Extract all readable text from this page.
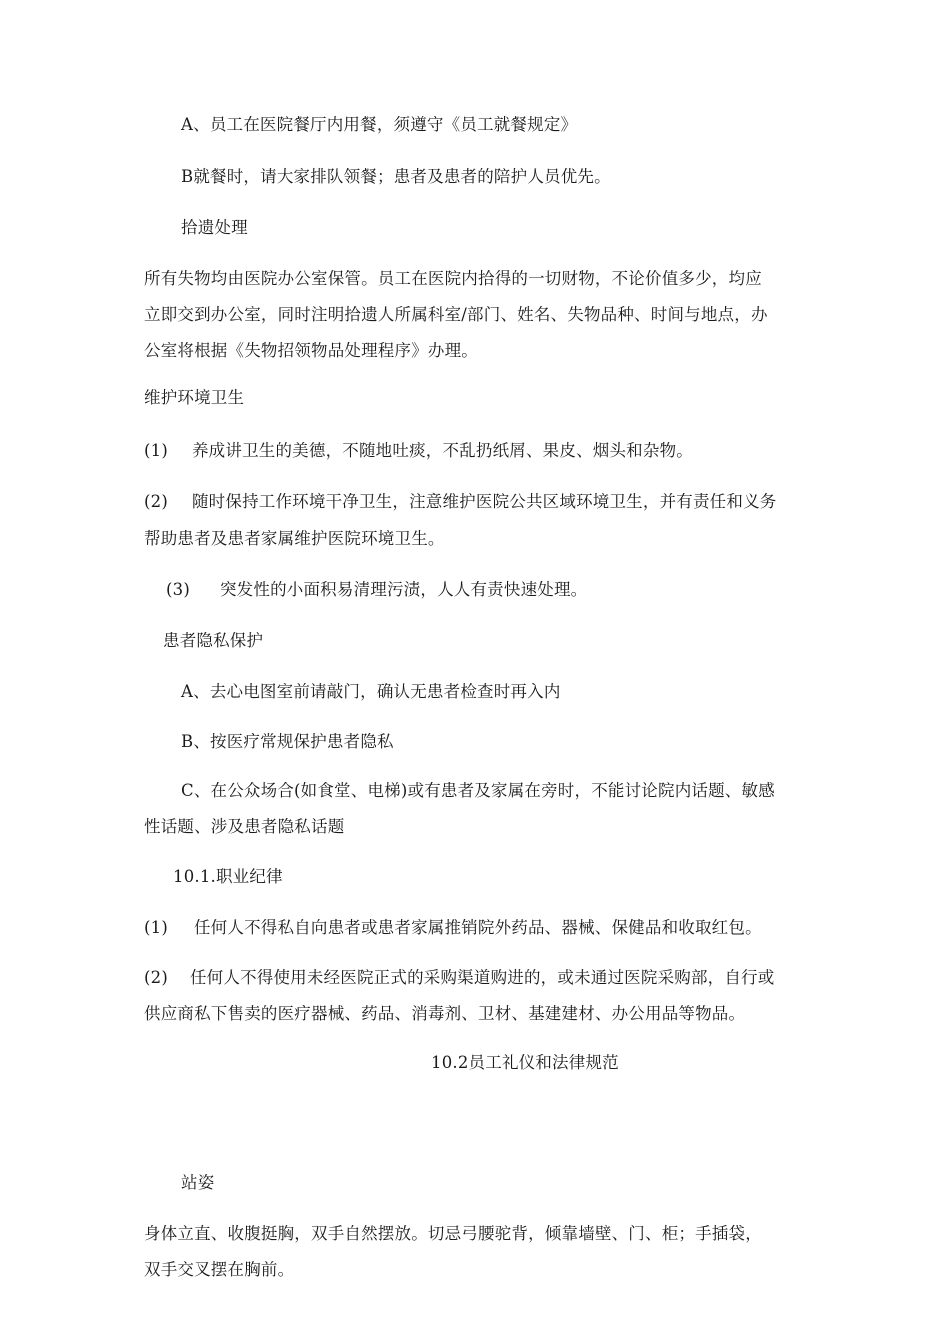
A、员工在医院餐厅内用餐，须遵守《员工就餐规定》

B就餐时，请大家排队领餐；患者及患者的陪护人员优先。

拾遗处理

所有失物均由医院办公室保管。员工在医院内拾得的一切财物，不论价值多少，均应

立即交到办公室，同时注明拾遗人所属科室/部门、姓名、失物品种、时间与地点，办

公室将根据《失物招领物品处理程序》办理。

维护环境卫生

(1) 养成讲卫生的美德，不随地吐痰，不乱扔纸屑、果皮、烟头和杂物。

(2) 随时保持工作环境干净卫生，注意维护医院公共区域环境卫生，并有责任和义务

帮助患者及患者家属维护医院环境卫生。

(3) 突发性的小面积易清理污渍，人人有责快速处理。

患者隐私保护

A、去心电图室前请敲门，确认无患者检查时再入内

B、按医疗常规保护患者隐私

C、在公众场合(如食堂、电梯)或有患者及家属在旁时，不能讨论院内话题、敏感

性话题、涉及患者隐私话题

10.1.职业纪律

(1) 任何人不得私自向患者或患者家属推销院外药品、器械、保健品和收取红包。

(2) 任何人不得使用未经医院正式的采购渠道购进的，或未通过医院采购部，自行或

供应商私下售卖的医疗器械、药品、消毒剂、卫材、基建建材、办公用品等物品。

10.2员工礼仪和法律规范

站姿

身体立直、收腹挺胸，双手自然摆放。切忌弓腰驼背，倾靠墙壁、门、柜；手插袋，

双手交叉摆在胸前。
